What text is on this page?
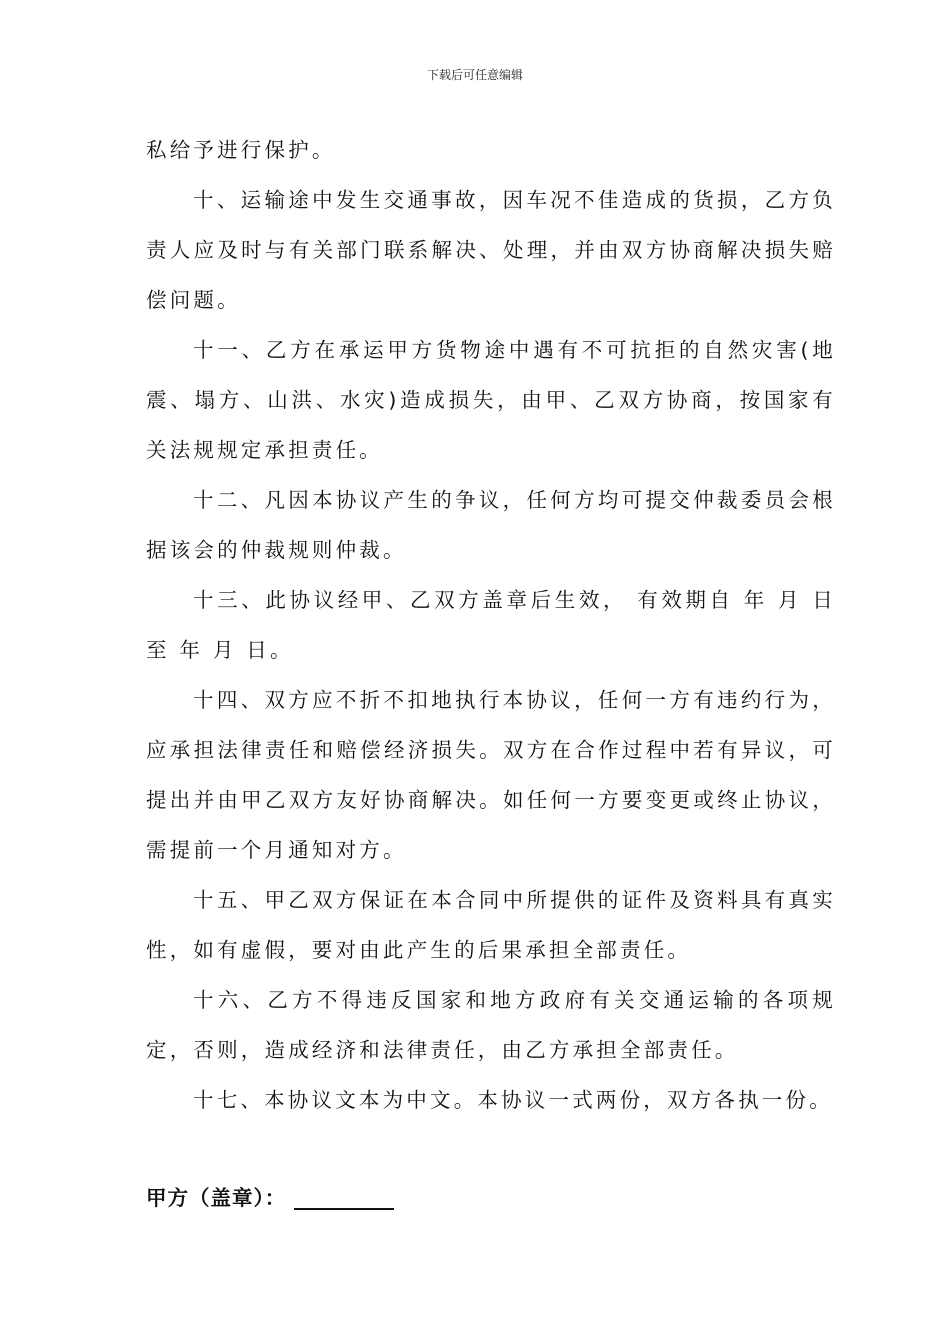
下载后可任意编辑

私给予进行保护。

十、运输途中发生交通事故，因车况不佳造成的货损，乙方负责人应及时与有关部门联系解决、处理，并由双方协商解决损失赔偿问题。

十一、乙方在承运甲方货物途中遇有不可抗拒的自然灾害(地震、塌方、山洪、水灾)造成损失，由甲、乙双方协商，按国家有关法规规定承担责任。

十二、凡因本协议产生的争议，任何方均可提交仲裁委员会根据该会的仲裁规则仲裁。

十三、此协议经甲、乙双方盖章后生效， 有效期自 年 月 日至 年 月 日。

十四、双方应不折不扣地执行本协议，任何一方有违约行为，应承担法律责任和赔偿经济损失。双方在合作过程中若有异议，可提出并由甲乙双方友好协商解决。如任何一方要变更或终止协议，需提前一个月通知对方。

十五、甲乙双方保证在本合同中所提供的证件及资料具有真实性，如有虚假，要对由此产生的后果承担全部责任。

十六、乙方不得违反国家和地方政府有关交通运输的各项规定，否则，造成经济和法律责任，由乙方承担全部责任。

十七、本协议文本为中文。本协议一式两份，双方各执一份。

甲方（盖章）：
